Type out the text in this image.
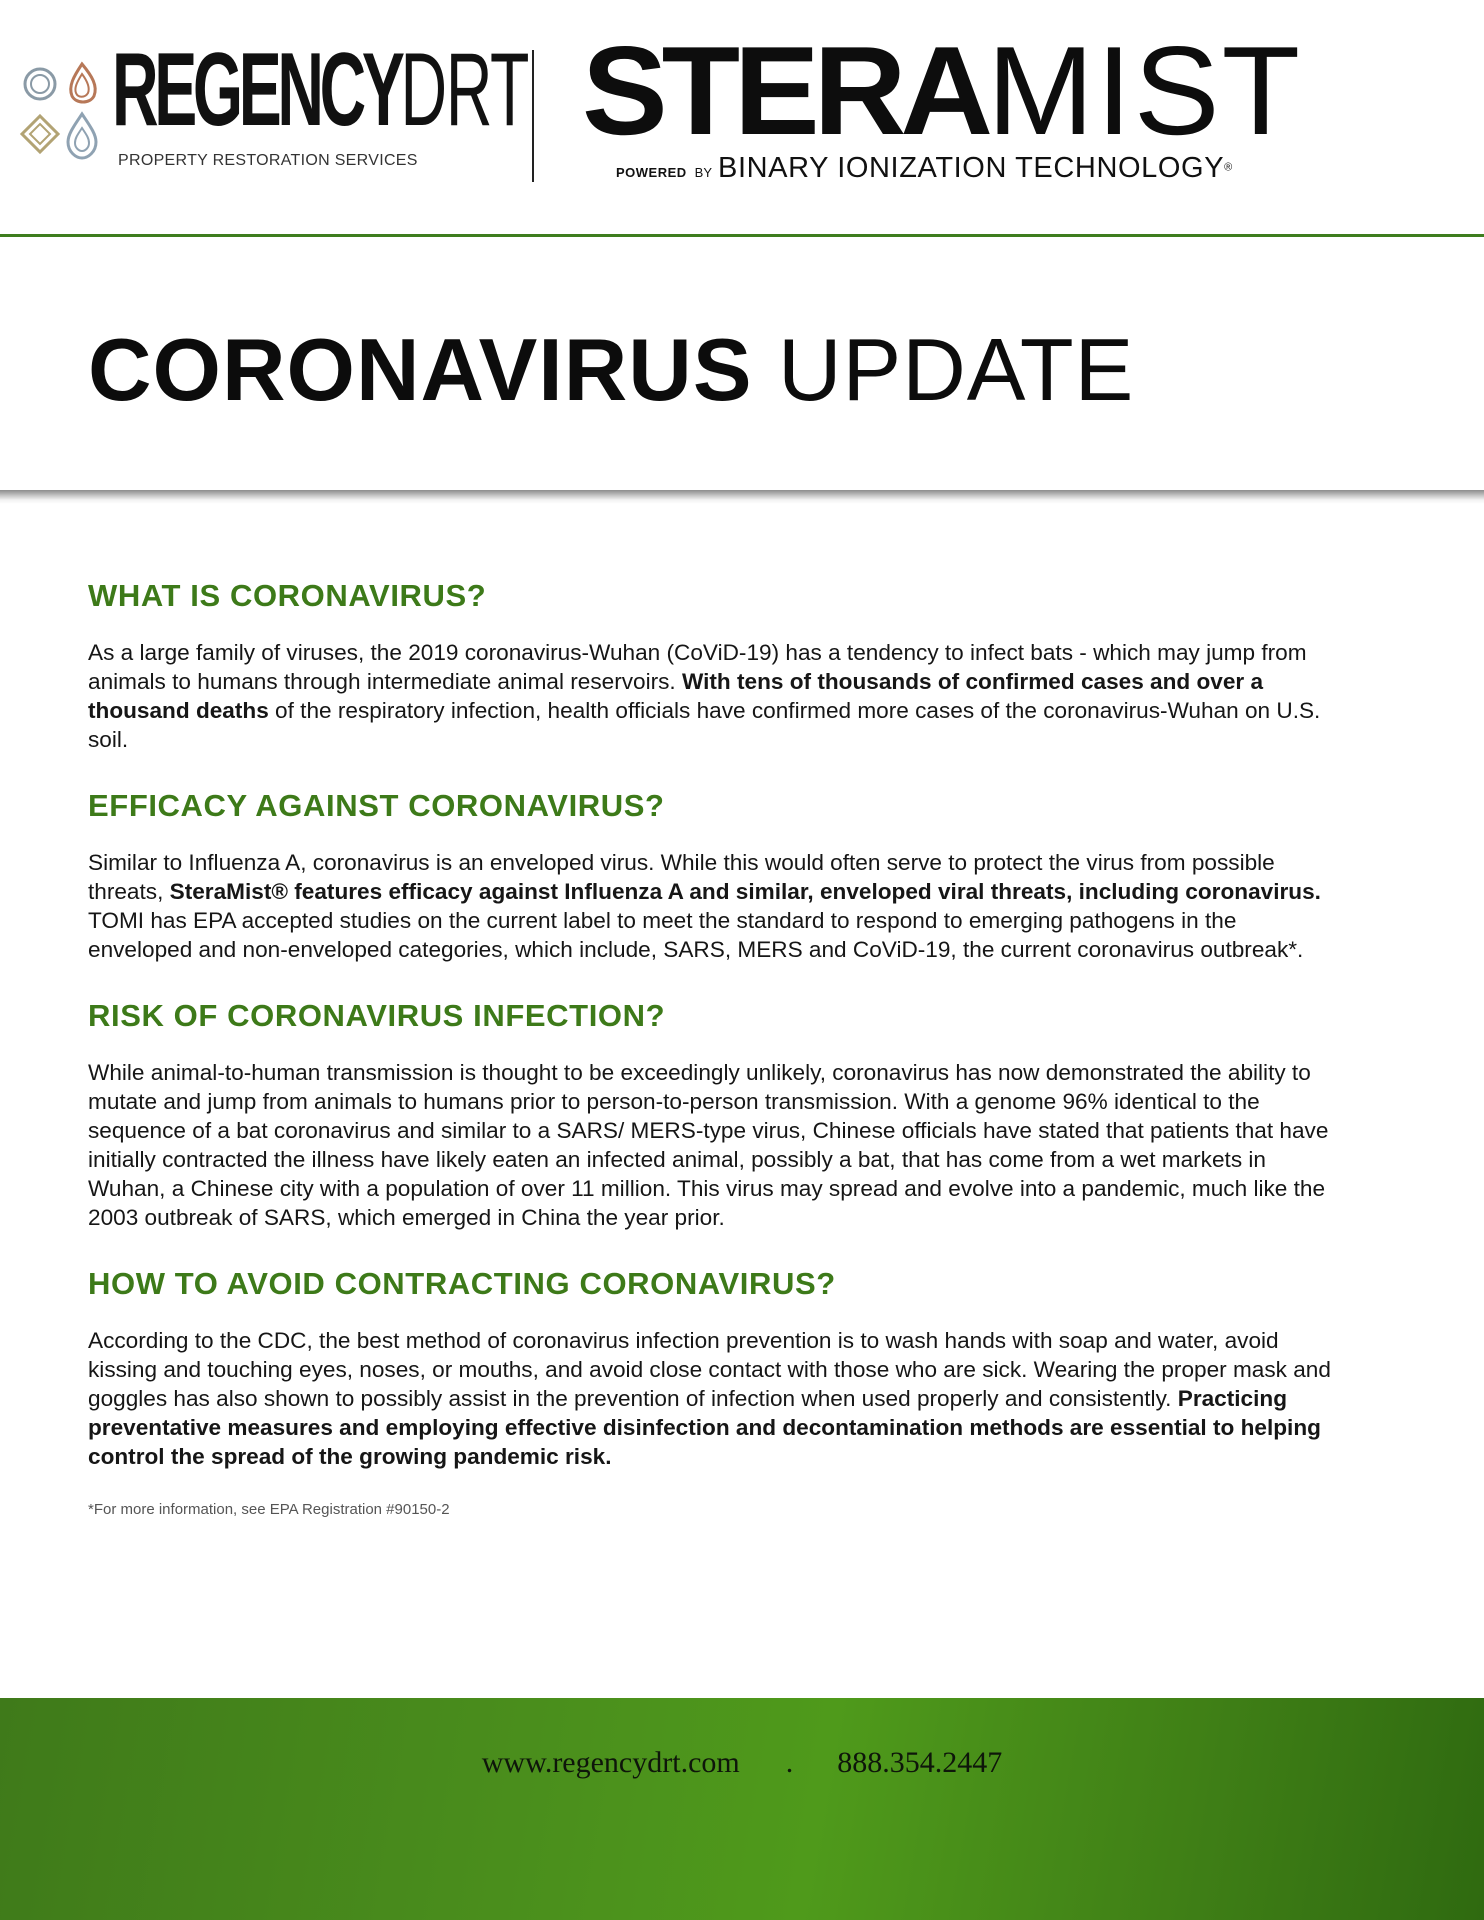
REGENCYDRT
PROPERTY RESTORATION SERVICES STERAMIST
POWERED BY BINARY IONIZATION TECHNOLOGY®
CORONAVIRUS UPDATE
WHAT IS CORONAVIRUS?

As a large family of viruses, the 2019 coronavirus-Wuhan (CoViD-19) has a tendency to infect bats - which may jump from animals to humans through intermediate animal reservoirs. With tens of thousands of confirmed cases and over a thousand deaths of the respiratory infection, health officials have confirmed more cases of the coronavirus-Wuhan on U.S. soil.

EFFICACY AGAINST CORONAVIRUS?

Similar to Influenza A, coronavirus is an enveloped virus. While this would often serve to protect the virus from possible threats, SteraMist® features efficacy against Influenza A and similar, enveloped viral threats, including coronavirus. TOMI has EPA accepted studies on the current label to meet the standard to respond to emerging pathogens in the enveloped and non-enveloped categories, which include, SARS, MERS and CoViD-19, the current coronavirus outbreak*.

RISK OF CORONAVIRUS INFECTION?

While animal-to-human transmission is thought to be exceedingly unlikely, coronavirus has now demonstrated the ability to mutate and jump from animals to humans prior to person-to-person transmission. With a genome 96% identical to the sequence of a bat coronavirus and similar to a SARS/ MERS-type virus, Chinese officials have stated that patients that have initially contracted the illness have likely eaten an infected animal, possibly a bat, that has come from a wet markets in Wuhan, a Chinese city with a population of over 11 million. This virus may spread and evolve into a pandemic, much like the 2003 outbreak of SARS, which emerged in China the year prior.

HOW TO AVOID CONTRACTING CORONAVIRUS?

According to the CDC, the best method of coronavirus infection prevention is to wash hands with soap and water, avoid kissing and touching eyes, noses, or mouths, and avoid close contact with those who are sick. Wearing the proper mask and goggles has also shown to possibly assist in the prevention of infection when used properly and consistently. Practicing preventative measures and employing effective disinfection and decontamination methods are essential to helping control the spread of the growing pandemic risk.

*For more information, see EPA Registration #90150-2
www.regencydrt.com . 888.354.2447
